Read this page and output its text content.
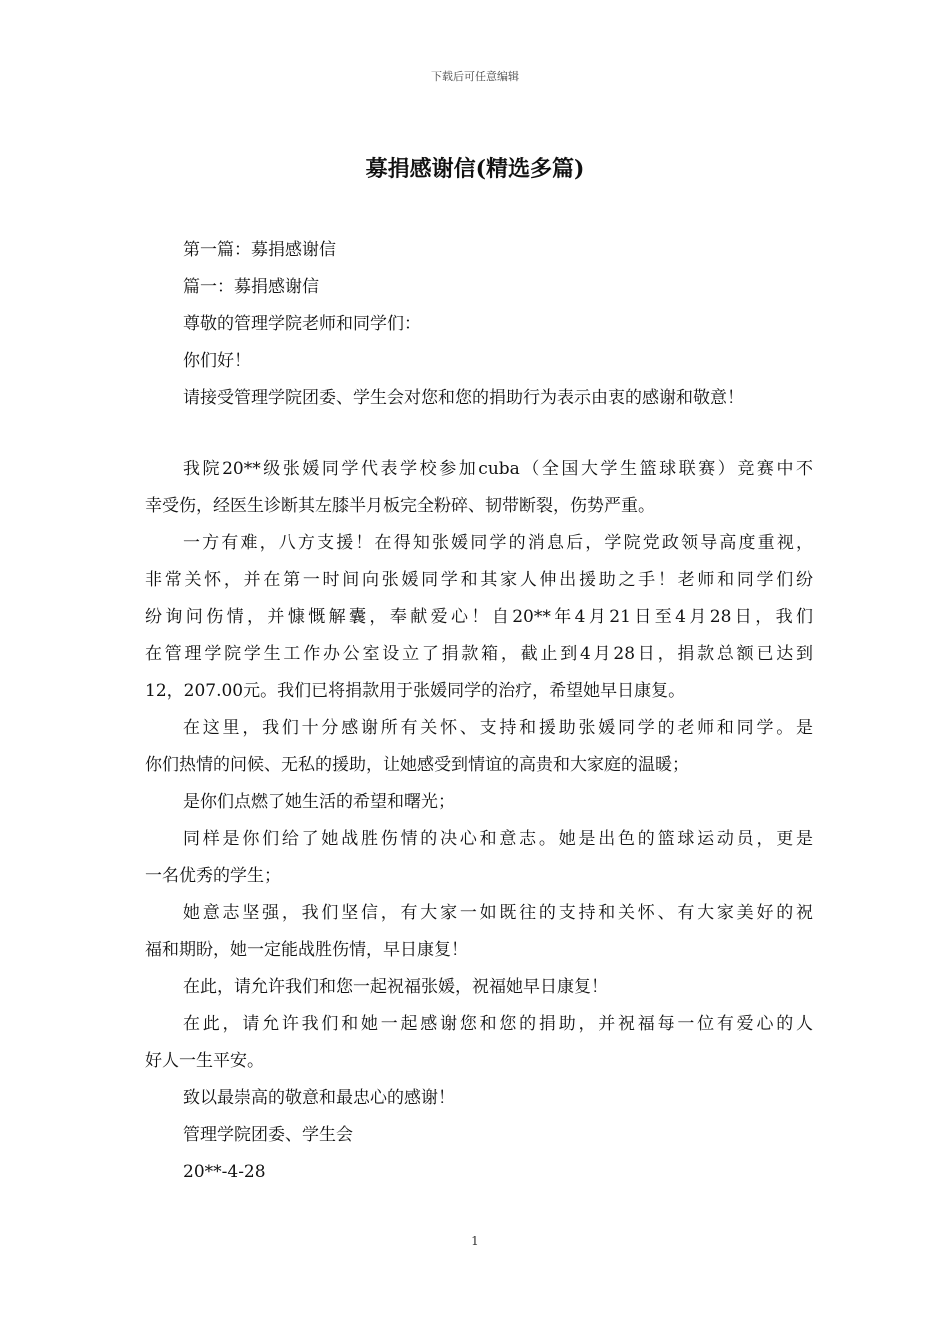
下载后可任意编辑
募捐感谢信(精选多篇)
第一篇：募捐感谢信
篇一：募捐感谢信
尊敬的管理学院老师和同学们：
你们好！
请接受管理学院团委、学生会对您和您的捐助行为表示由衷的感谢和敬意！
我院20**级张媛同学代表学校参加cuba（全国大学生篮球联赛）竞赛中不
幸受伤，经医生诊断其左膝半月板完全粉碎、韧带断裂，伤势严重。
一方有难，八方支援！在得知张媛同学的消息后，学院党政领导高度重视，
非常关怀，并在第一时间向张媛同学和其家人伸出援助之手！老师和同学们纷
纷询问伤情，并慷慨解囊，奉献爱心！自20**年4月21日至4月28日，我们
在管理学院学生工作办公室设立了捐款箱，截止到4月28日，捐款总额已达到
12，207.00元。我们已将捐款用于张媛同学的治疗，希望她早日康复。
在这里，我们十分感谢所有关怀、支持和援助张媛同学的老师和同学。是
你们热情的问候、无私的援助，让她感受到情谊的高贵和大家庭的温暖；
是你们点燃了她生活的希望和曙光；
同样是你们给了她战胜伤情的决心和意志。她是出色的篮球运动员，更是
一名优秀的学生；
她意志坚强，我们坚信，有大家一如既往的支持和关怀、有大家美好的祝
福和期盼，她一定能战胜伤情，早日康复！
在此，请允许我们和您一起祝福张媛，祝福她早日康复！
在此，请允许我们和她一起感谢您和您的捐助，并祝福每一位有爱心的人
好人一生平安。
致以最崇高的敬意和最忠心的感谢！
管理学院团委、学生会
20**-4-28
1
